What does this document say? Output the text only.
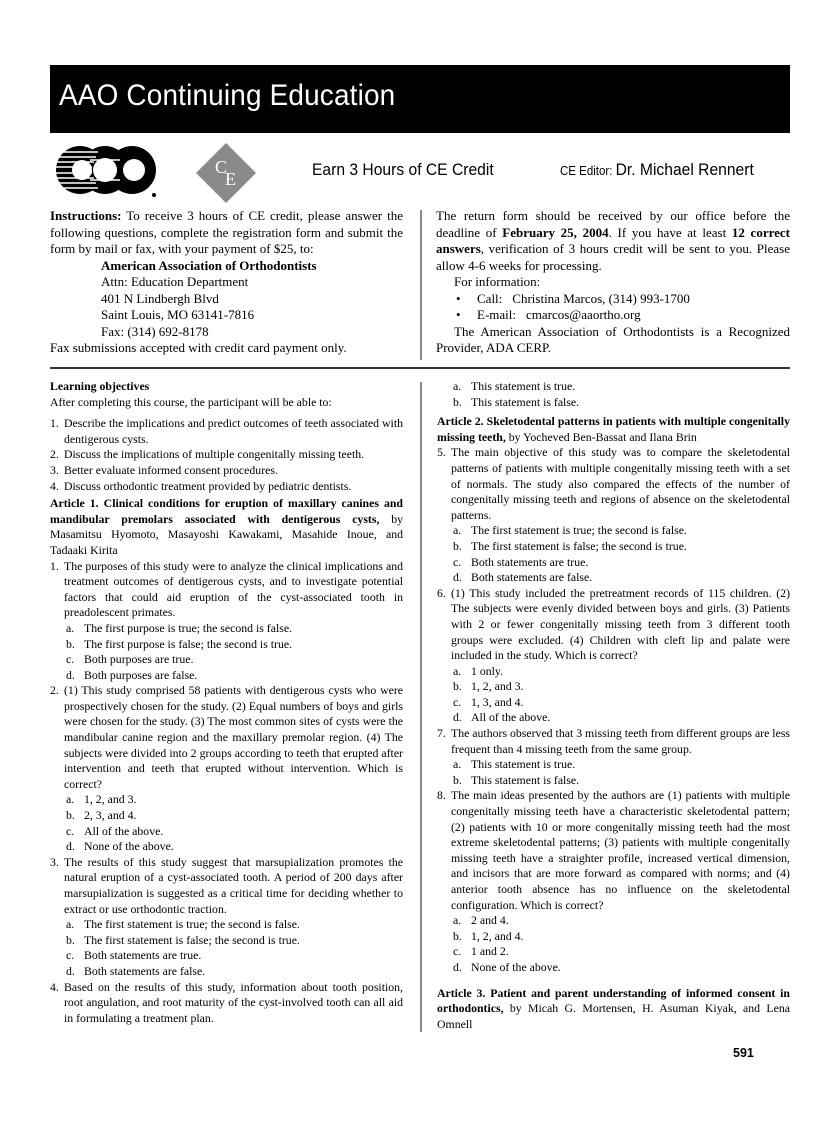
AAO Continuing Education
C
E	Earn 3 Hours of CE Credit	CE Editor: Dr. Michael Rennert
Instructions: To receive 3 hours of CE credit, please answer the following questions, complete the registration form and submit the form by mail or fax, with your payment of $25, to:
American Association of Orthodontists
Attn: Education Department
401 N Lindbergh Blvd
Saint Louis, MO 63141-7816
Fax: (314) 692-8178
Fax submissions accepted with credit card payment only.
The return form should be received by our office before the deadline of February 25, 2004. If you have at least 12 correct answers, verification of 3 hours credit will be sent to you. Please allow 4-6 weeks for processing.
For information:
• Call: Christina Marcos, (314) 993-1700
• E-mail: cmarcos@aaortho.org
The American Association of Orthodontists is a Recognized Provider, ADA CERP.
Learning objectives
After completing this course, the participant will be able to:
1. Describe the implications and predict outcomes of teeth associated with dentigerous cysts.
2. Discuss the implications of multiple congenitally missing teeth.
3. Better evaluate informed consent procedures.
4. Discuss orthodontic treatment provided by pediatric dentists.
Article 1. Clinical conditions for eruption of maxillary canines and mandibular premolars associated with dentigerous cysts, by Masamitsu Hyomoto, Masayoshi Kawakami, Masahide Inoue, and Tadaaki Kirita
1. The purposes of this study were to analyze the clinical implications and treatment outcomes of dentigerous cysts, and to investigate potential factors that could aid eruption of the cyst-associated tooth in preadolescent primates.
a. The first purpose is true; the second is false.
b. The first purpose is false; the second is true.
c. Both purposes are true.
d. Both purposes are false.
2. (1) This study comprised 58 patients with dentigerous cysts who were prospectively chosen for the study. (2) Equal numbers of boys and girls were chosen for the study. (3) The most common sites of cysts were the mandibular canine region and the maxillary premolar region. (4) The subjects were divided into 2 groups according to teeth that erupted after intervention and teeth that erupted without intervention. Which is correct?
a. 1, 2, and 3.
b. 2, 3, and 4.
c. All of the above.
d. None of the above.
3. The results of this study suggest that marsupialization promotes the natural eruption of a cyst-associated tooth. A period of 200 days after marsupialization is suggested as a critical time for deciding whether to extract or use orthodontic traction.
a. The first statement is true; the second is false.
b. The first statement is false; the second is true.
c. Both statements are true.
d. Both statements are false.
4. Based on the results of this study, information about tooth position, root angulation, and root maturity of the cyst-involved tooth can all aid in formulating a treatment plan.
a. This statement is true.
b. This statement is false.
Article 2. Skeletodental patterns in patients with multiple congenitally missing teeth, by Yocheved Ben-Bassat and Ilana Brin
5. The main objective of this study was to compare the skeletodental patterns of patients with multiple congenitally missing teeth with a set of normals. The study also compared the effects of the number of congenitally missing teeth and regions of absence on the skeletodental patterns.
a. The first statement is true; the second is false.
b. The first statement is false; the second is true.
c. Both statements are true.
d. Both statements are false.
6. (1) This study included the pretreatment records of 115 children. (2) The subjects were evenly divided between boys and girls. (3) Patients with 2 or fewer congenitally missing teeth from 3 different tooth groups were excluded. (4) Children with cleft lip and palate were included in the study. Which is correct?
a. 1 only.
b. 1, 2, and 3.
c. 1, 3, and 4.
d. All of the above.
7. The authors observed that 3 missing teeth from different groups are less frequent than 4 missing teeth from the same group.
a. This statement is true.
b. This statement is false.
8. The main ideas presented by the authors are (1) patients with multiple congenitally missing teeth have a characteristic skeletodental pattern; (2) patients with 10 or more congenitally missing teeth had the most extreme skeletodental patterns; (3) patients with multiple congenitally missing teeth have a straighter profile, increased vertical dimension, and incisors that are more forward as compared with norms; and (4) anterior tooth absence has no influence on the skeletodental configuration. Which is correct?
a. 2 and 4.
b. 1, 2, and 4.
c. 1 and 2.
d. None of the above.
Article 3. Patient and parent understanding of informed consent in orthodontics, by Micah G. Mortensen, H. Asuman Kiyak, and Lena Omnell
591
